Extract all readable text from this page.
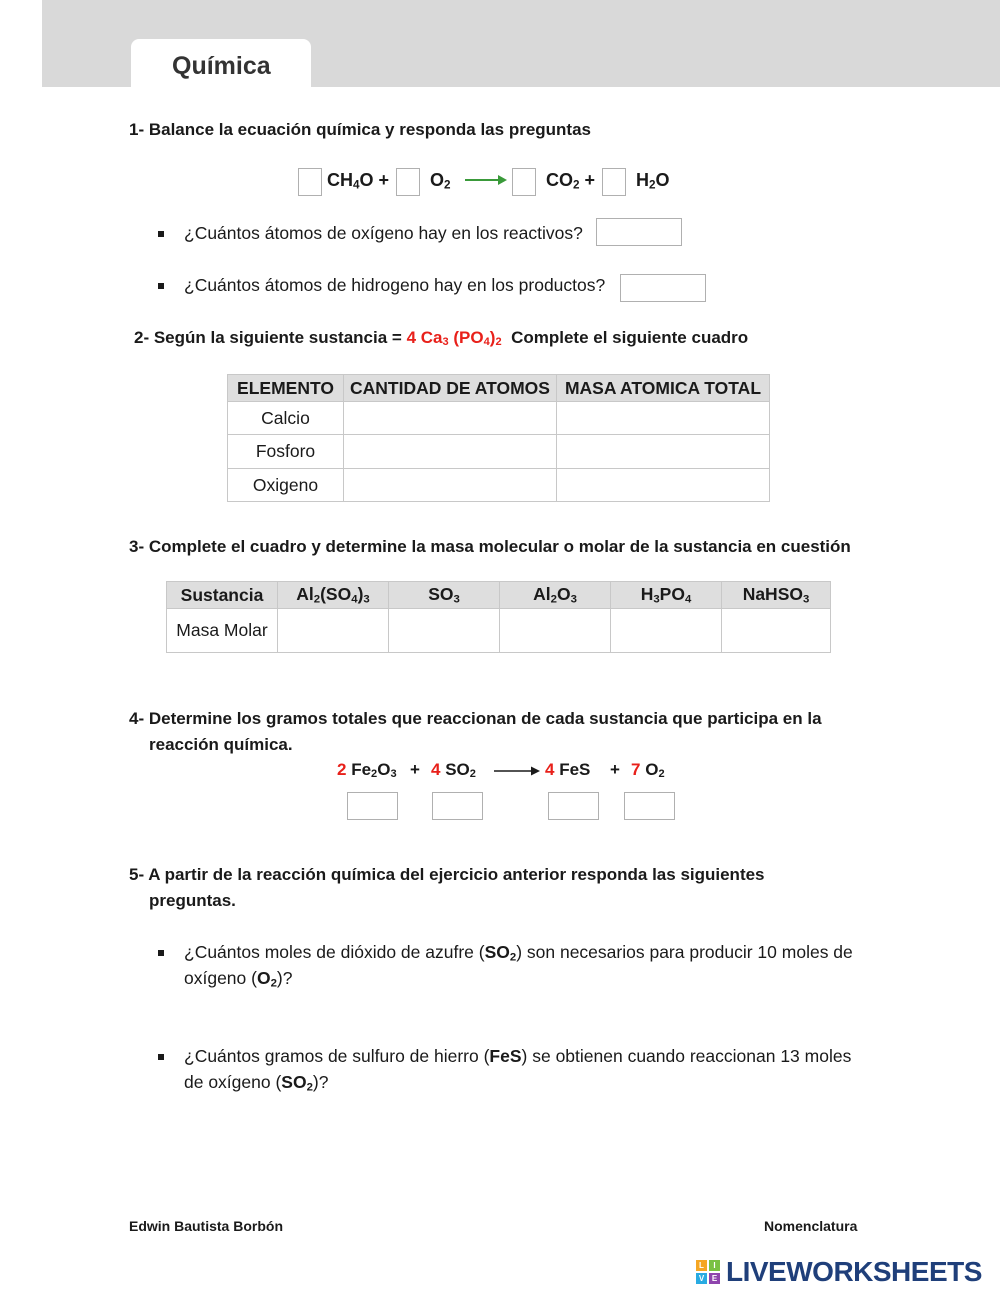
Química
1- Balance la ecuación química y responda las preguntas
$CH_4O + O_2$	$CO_2 + H_2O$
¿Cuántos átomos de oxígeno hay en los reactivos?
¿Cuántos átomos de hidrogeno hay en los productos?
2- Según la siguiente sustancia = 4 $Ca_3$ $(PO_4)_2$ Complete el siguiente cuadro
ELEMENTO	CANTIDAD DE ATOMOS	MASA ATOMICA TOTAL
Calcio		
Fosforo		
Oxigeno		
3- Complete el cuadro y determine la masa molecular o molar de la sustancia en cuestión
Sustancia	$Al_2(SO_4)_3$	$SO_3$	$Al_2O_3$	$H_3PO_4$	NaHSO$_3$
Masa Molar					
4- Determine los gramos totales que reaccionan de cada sustancia que participa en la
reacción química.
2 $Fe_2O_3 + 4$ $SO_2$	4 FeS + 7 $O_2$
5- A partir de la reacción química del ejercicio anterior responda las siguientes
preguntas.
¿Cuántos moles de dióxido de azufre $(SO_2)$ son necesarios para producir 10 moles de
oxígeno $(O_2)$?
¿Cuántos gramos de sulfuro de hierro (FeS) se obtienen cuando reaccionan 13 moles
de oxígeno $(SO_2)$?
Edwin Bautista Borbón	Nomenclatura
L	I
V E LIVEWORKSHEETS
